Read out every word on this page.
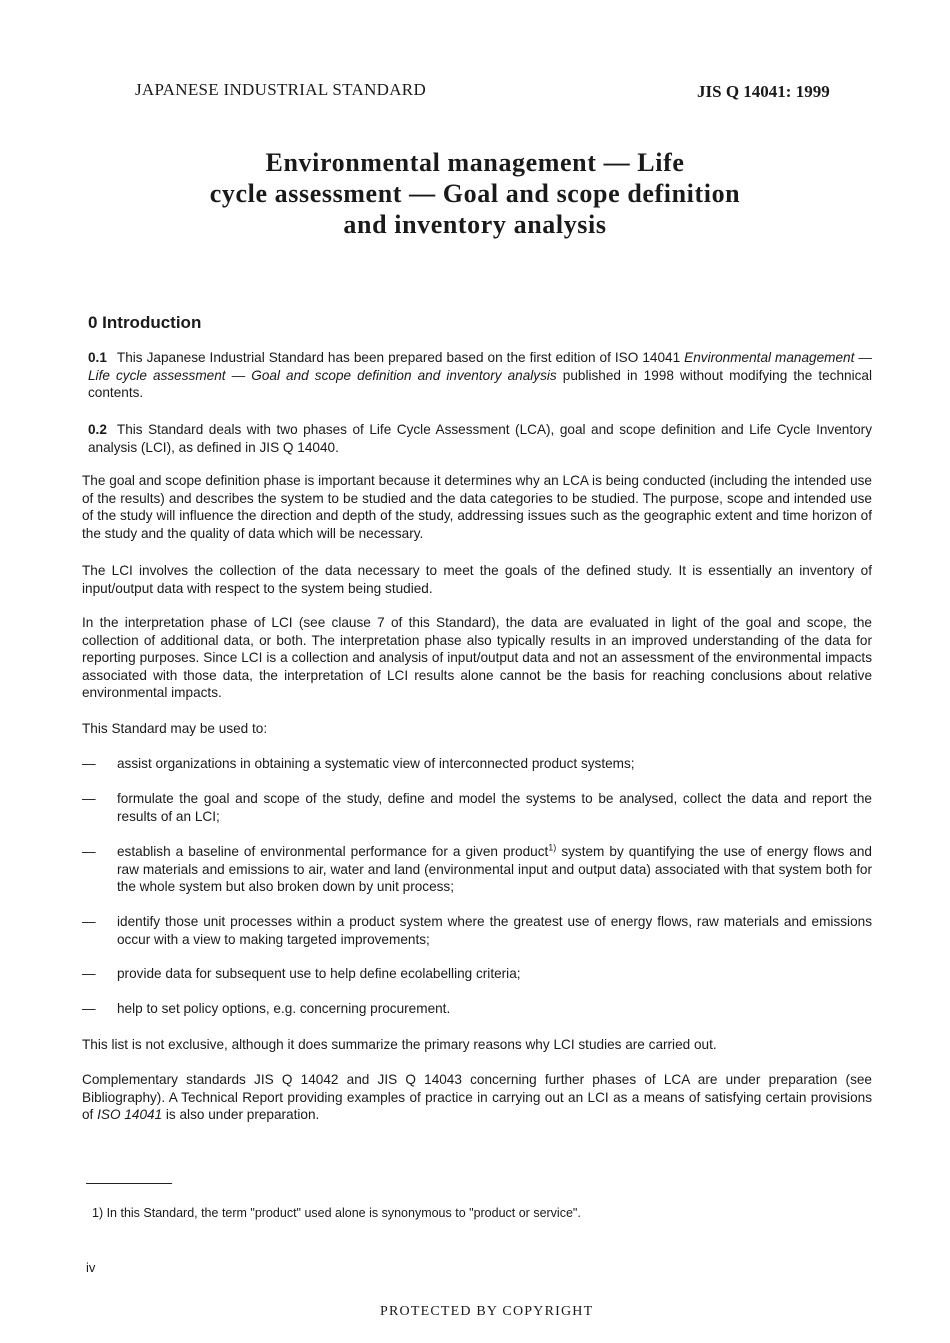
JAPANESE INDUSTRIAL STANDARD	JIS Q 14041: 1999
Environmental management — Life
cycle assessment — Goal and scope definition
and inventory analysis
0 Introduction

0.1 This Japanese Industrial Standard has been prepared based on the first edition of ISO 14041 Environmental management — Life cycle assessment — Goal and scope definition and inventory analysis published in 1998 without modifying the technical contents.

0.2 This Standard deals with two phases of Life Cycle Assessment (LCA), goal and scope definition and Life Cycle Inventory analysis (LCI), as defined in JIS Q 14040.

The goal and scope definition phase is important because it determines why an LCA is being conducted (including the intended use of the results) and describes the system to be studied and the data categories to be studied. The purpose, scope and intended use of the study will influence the direction and depth of the study, addressing issues such as the geographic extent and time horizon of the study and the quality of data which will be necessary.

The LCI involves the collection of the data necessary to meet the goals of the defined study. It is essentially an inventory of input/output data with respect to the system being studied.

In the interpretation phase of LCI (see clause 7 of this Standard), the data are evaluated in light of the goal and scope, the collection of additional data, or both. The interpretation phase also typically results in an improved understanding of the data for reporting purposes. Since LCI is a collection and analysis of input/output data and not an assessment of the environmental impacts associated with those data, the interpretation of LCI results alone cannot be the basis for reaching conclusions about relative environmental impacts.

This Standard may be used to:

—	assist organizations in obtaining a systematic view of interconnected product systems;
—	formulate the goal and scope of the study, define and model the systems to be analysed, collect the data and report the results of an LCI;
—	establish a baseline of environmental performance for a given product$^{1)}$ system by quantifying the use of energy flows and raw materials and emissions to air, water and land (environmental input and output data) associated with that system both for the whole system but also broken down by unit process;
—	identify those unit processes within a product system where the greatest use of energy flows, raw materials and emissions occur with a view to making targeted improvements;
—	provide data for subsequent use to help define ecolabelling criteria;
—	help to set policy options, e.g. concerning procurement.

This list is not exclusive, although it does summarize the primary reasons why LCI studies are carried out.

Complementary standards JIS Q 14042 and JIS Q 14043 concerning further phases of LCA are under preparation (see Bibliography). A Technical Report providing examples of practice in carrying out an LCI as a means of satisfying certain provisions of ISO 14041 is also under preparation.

1) In this Standard, the term "product" used alone is synonymous to "product or service".
iv
PROTECTED BY COPYRIGHT
